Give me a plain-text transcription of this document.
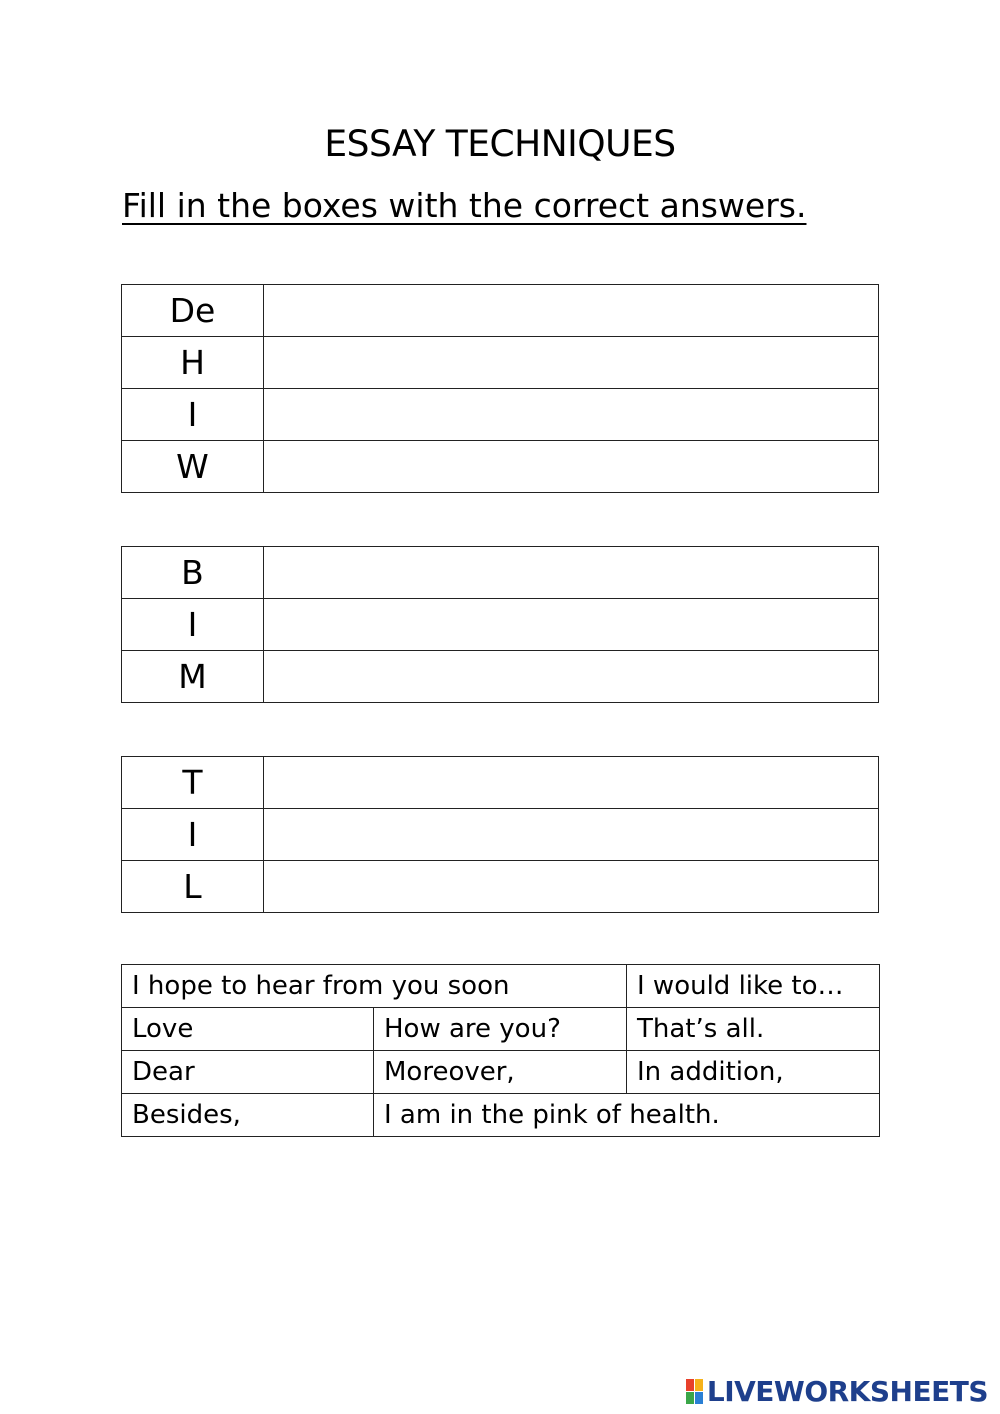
ESSAY TECHNIQUES
Fill in the boxes with the correct answers.
De	
H	
I	
W	
B	
I	
M	
T	
I	
L	
I hope to hear from you soon		I would like to…
Love	How are you?	That’s all.
Dear	Moreover,	In addition,
Besides,	I am in the pink of health.	
LIVEWORKSHEETS
